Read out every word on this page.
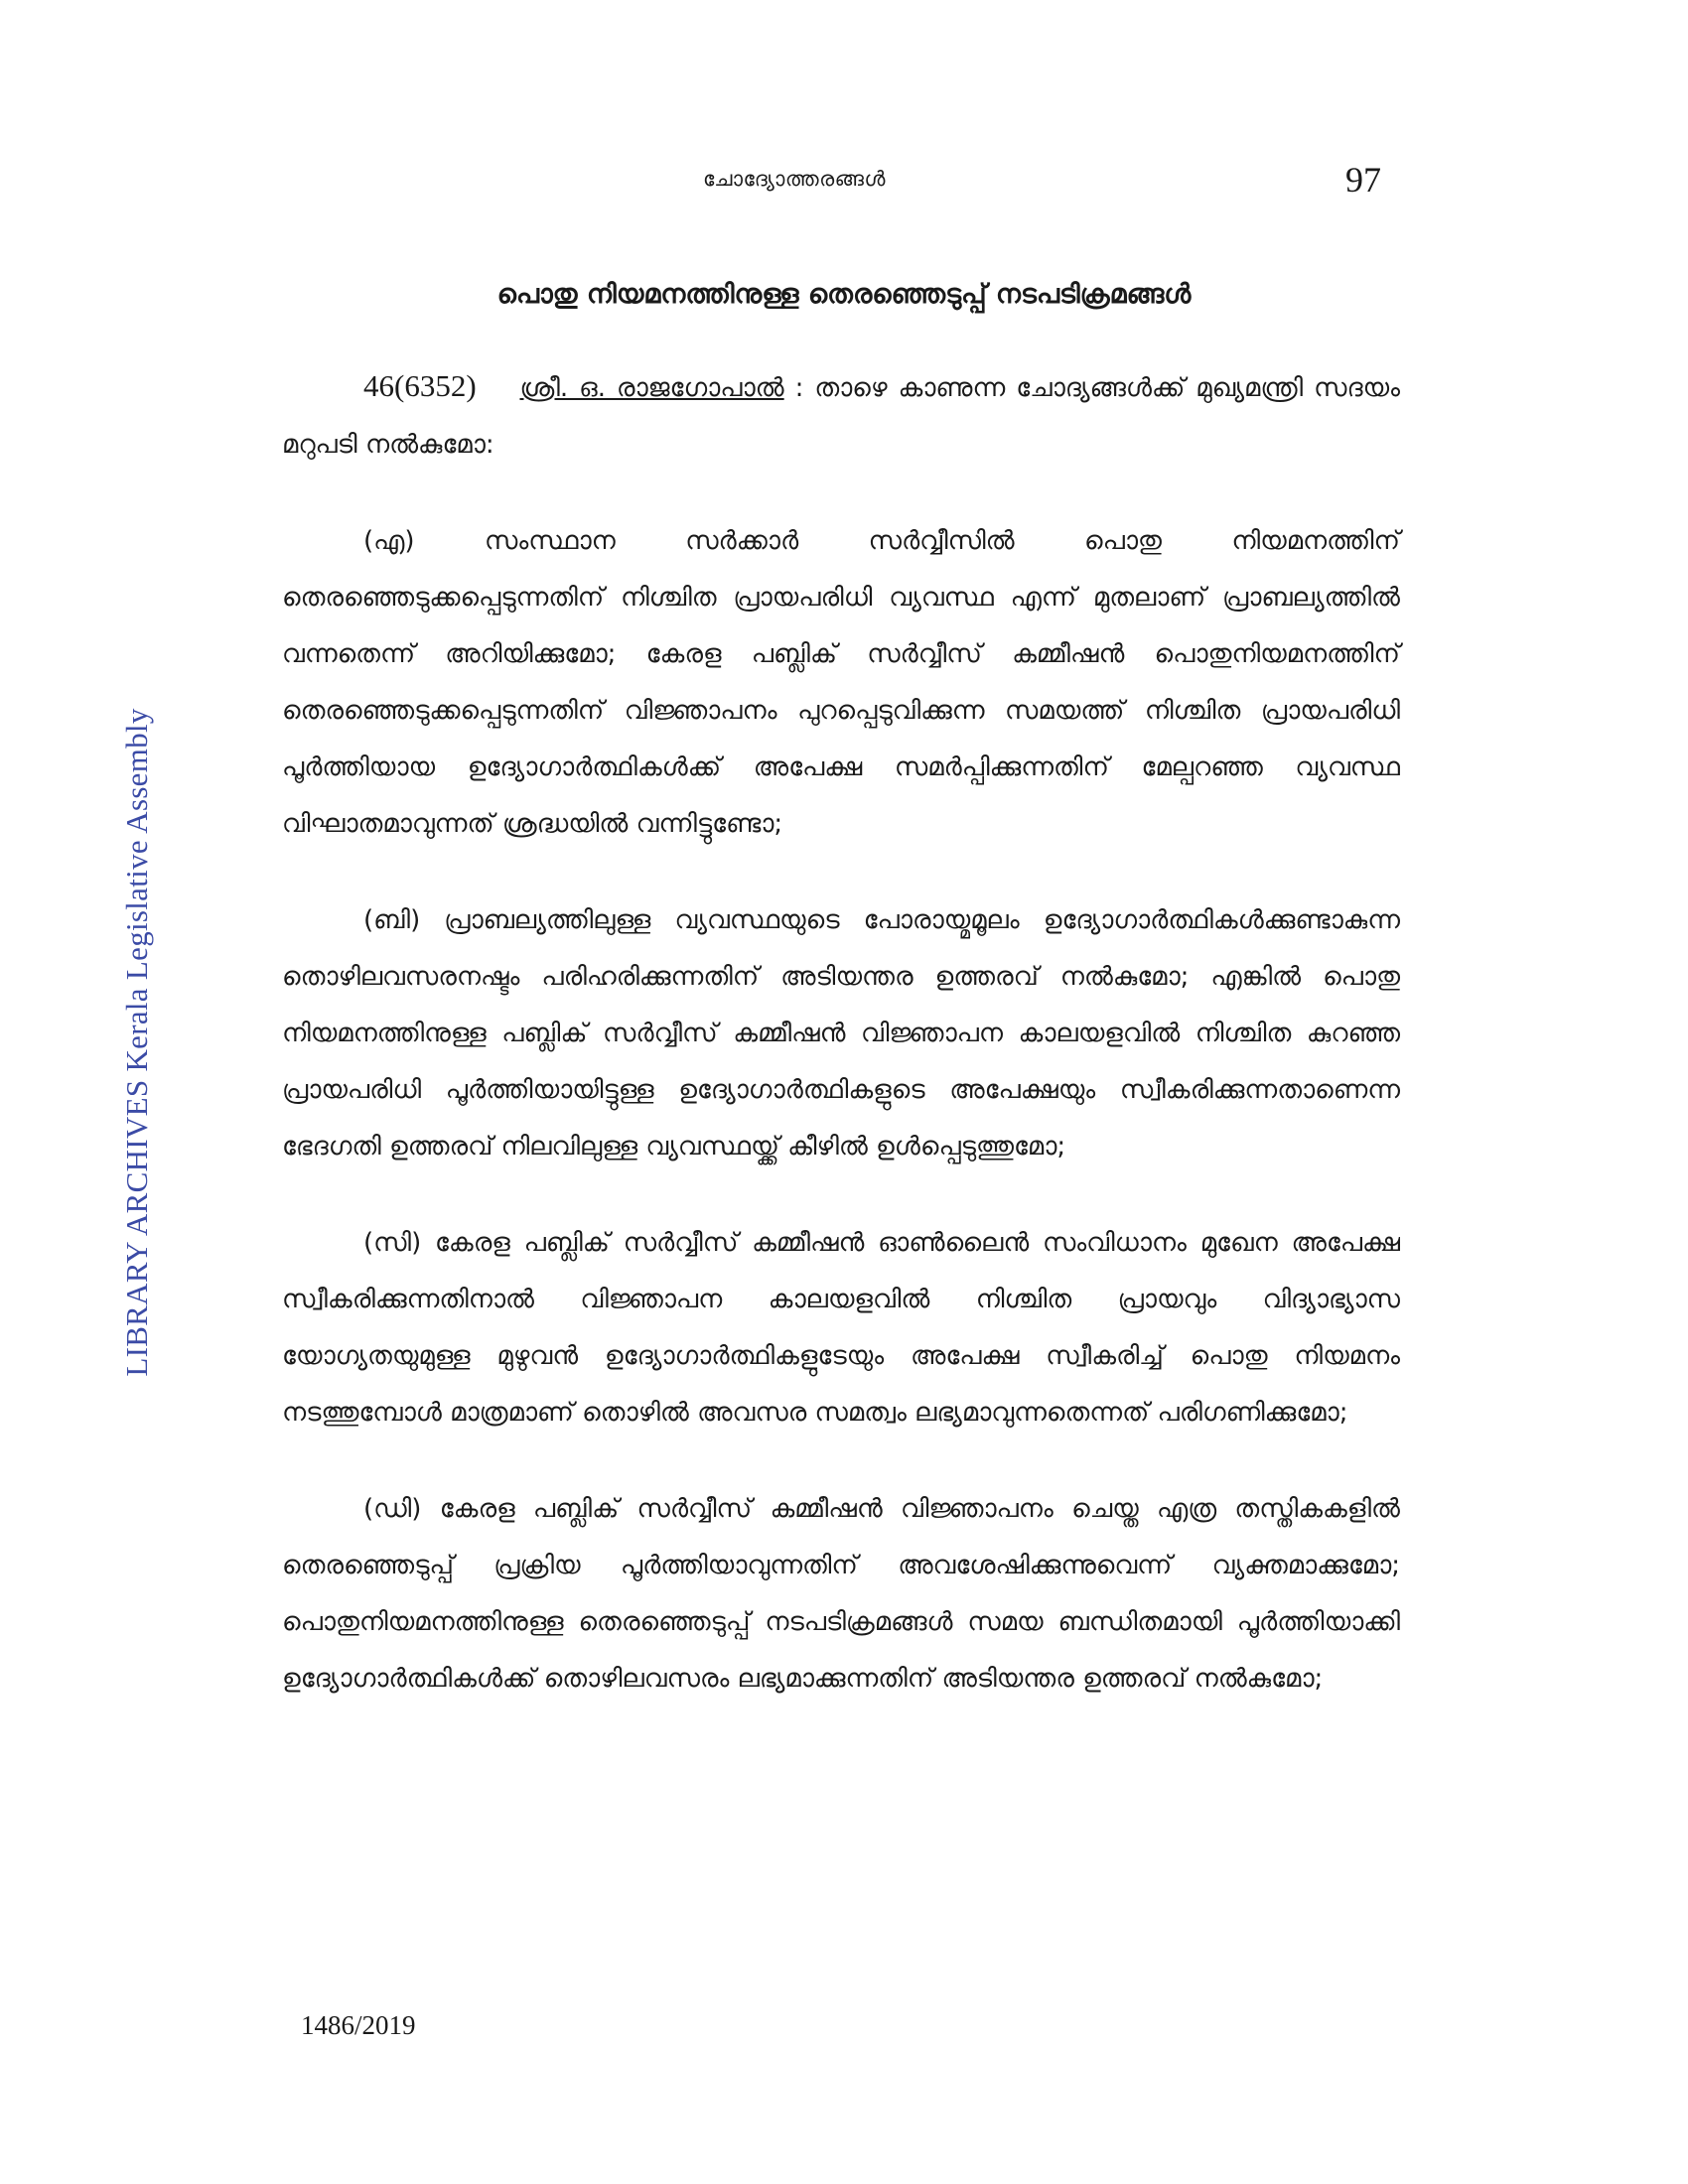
ചോദ്യോത്തരങ്ങൾ	97
LIBRARY ARCHIVES Kerala Legislative Assembly
പൊതു നിയമനത്തിനുള്ള തെരഞ്ഞെടുപ്പ് നടപടിക്രമങ്ങൾ

46(6352) ശ്രീ. ഒ. രാജഗോപാൽ : താഴെ കാണുന്ന ചോദ്യങ്ങൾക്ക് മുഖ്യമന്ത്രി സദയം മറുപടി നൽകുമോ:

(എ) സംസ്ഥാന സർക്കാർ സർവ്വീസിൽ പൊതു നിയമനത്തിന് തെരഞ്ഞെടുക്കപ്പെടുന്നതിന് നിശ്ചിത പ്രായപരിധി വ്യവസ്ഥ എന്ന് മുതലാണ് പ്രാബല്യത്തിൽ വന്നതെന്ന് അറിയിക്കുമോ; കേരള പബ്ലിക് സർവ്വീസ് കമ്മീഷൻ പൊതുനിയമനത്തിന് തെരഞ്ഞെടുക്കപ്പെടുന്നതിന് വിജ്ഞാപനം പുറപ്പെടുവിക്കുന്ന സമയത്ത് നിശ്ചിത പ്രായപരിധി പൂർത്തിയായ ഉദ്യോഗാർത്ഥികൾക്ക് അപേക്ഷ സമർപ്പിക്കുന്നതിന് മേല്പറഞ്ഞ വ്യവസ്ഥ വിഘാതമാവുന്നത് ശ്രദ്ധയിൽ വന്നിട്ടുണ്ടോ;

(ബി) പ്രാബല്യത്തിലുള്ള വ്യവസ്ഥയുടെ പോരായ്മമൂലം ഉദ്യോഗാർത്ഥികൾക്കുണ്ടാകുന്ന തൊഴിലവസരനഷ്ടം പരിഹരിക്കുന്നതിന് അടിയന്തര ഉത്തരവ് നൽകുമോ; എങ്കിൽ പൊതു നിയമനത്തിനുള്ള പബ്ലിക് സർവ്വീസ് കമ്മീഷൻ വിജ്ഞാപന കാലയളവിൽ നിശ്ചിത കുറഞ്ഞ പ്രായപരിധി പൂർത്തിയായിട്ടുള്ള ഉദ്യോഗാർത്ഥികളുടെ അപേക്ഷയും സ്വീകരിക്കുന്നതാണെന്ന ഭേദഗതി ഉത്തരവ് നിലവിലുള്ള വ്യവസ്ഥയ്ക്ക് കീഴിൽ ഉൾപ്പെടുത്തുമോ;

(സി) കേരള പബ്ലിക് സർവ്വീസ് കമ്മീഷൻ ഓൺലൈൻ സംവിധാനം മുഖേന അപേക്ഷ സ്വീകരിക്കുന്നതിനാൽ വിജ്ഞാപന കാലയളവിൽ നിശ്ചിത പ്രായവും വിദ്യാഭ്യാസ യോഗ്യതയുമുള്ള മുഴുവൻ ഉദ്യോഗാർത്ഥികളുടേയും അപേക്ഷ സ്വീകരിച്ച് പൊതു നിയമനം നടത്തുമ്പോൾ മാത്രമാണ് തൊഴിൽ അവസര സമത്വം ലഭ്യമാവുന്നതെന്നത് പരിഗണിക്കുമോ;

(ഡി) കേരള പബ്ലിക് സർവ്വീസ് കമ്മീഷൻ വിജ്ഞാപനം ചെയ്ത എത്ര തസ്തികകളിൽ തെരഞ്ഞെടുപ്പ് പ്രക്രിയ പൂർത്തിയാവുന്നതിന് അവശേഷിക്കുന്നുവെന്ന് വ്യക്തമാക്കുമോ; പൊതുനിയമനത്തിനുള്ള തെരഞ്ഞെടുപ്പ് നടപടിക്രമങ്ങൾ സമയ ബന്ധിതമായി പൂർത്തിയാക്കി ഉദ്യോഗാർത്ഥികൾക്ക് തൊഴിലവസരം ലഭ്യമാക്കുന്നതിന് അടിയന്തര ഉത്തരവ് നൽകുമോ;

1486/2019
